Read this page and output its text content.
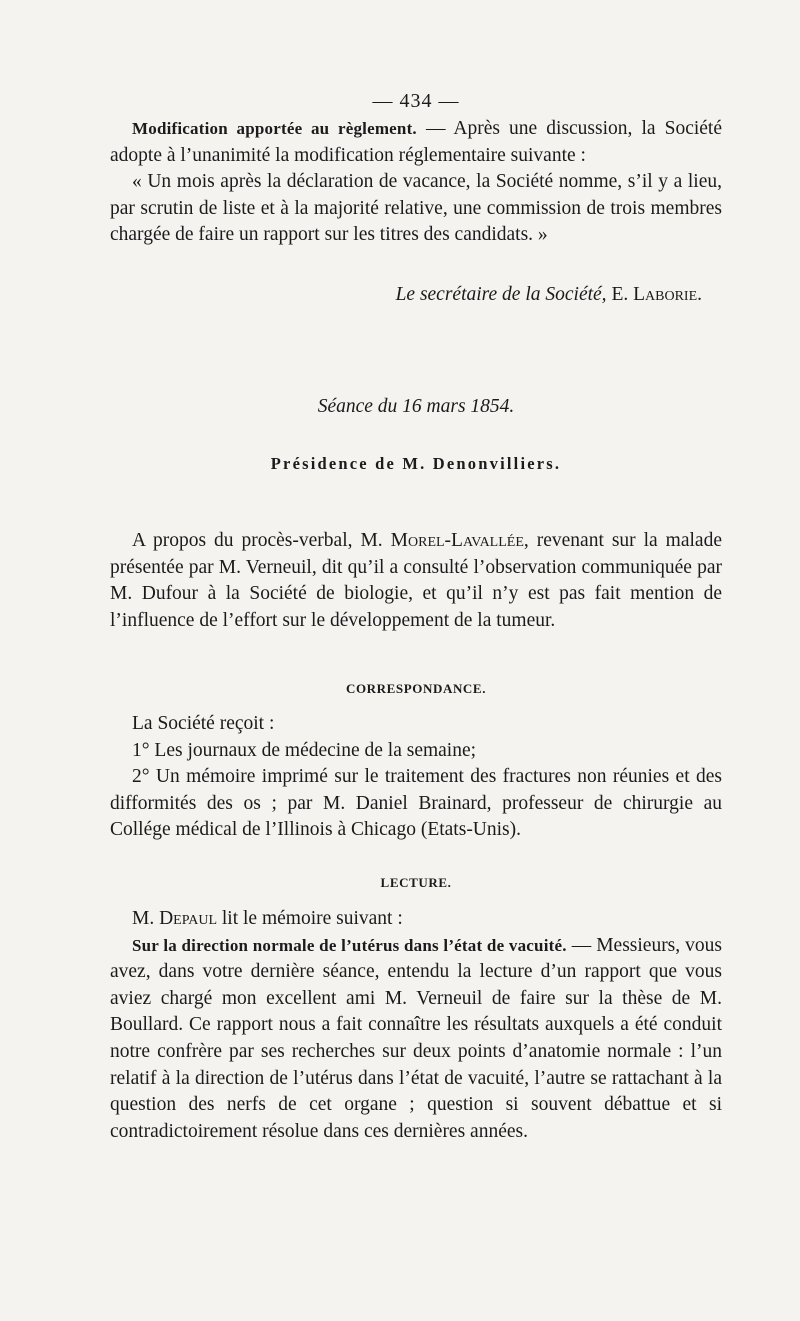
— 434 —

Modification apportée au règlement. — Après une discussion, la Société adopte à l’unanimité la modification réglementaire suivante :

« Un mois après la déclaration de vacance, la Société nomme, s’il y a lieu, par scrutin de liste et à la majorité relative, une commission de trois membres chargée de faire un rapport sur les titres des candidats. »

Le secrétaire de la Société, E. Laborie.
Séance du 16 mars 1854.
Présidence de M. Denonvilliers.

A propos du procès-verbal, M. Morel-Lavallée, revenant sur la malade présentée par M. Verneuil, dit qu’il a consulté l’observation communiquée par M. Dufour à la Société de biologie, et qu’il n’y est pas fait mention de l’influence de l’effort sur le développement de la tumeur.

CORRESPONDANCE.

La Société reçoit :

1° Les journaux de médecine de la semaine;

2° Un mémoire imprimé sur le traitement des fractures non réunies et des difformités des os ; par M. Daniel Brainard, professeur de chirurgie au Collége médical de l’Illinois à Chicago (Etats-Unis).

LECTURE.

M. Depaul lit le mémoire suivant :

Sur la direction normale de l’utérus dans l’état de vacuité. — Messieurs, vous avez, dans votre dernière séance, entendu la lecture d’un rapport que vous aviez chargé mon excellent ami M. Verneuil de faire sur la thèse de M. Boullard. Ce rapport nous a fait connaître les résultats auxquels a été conduit notre confrère par ses recherches sur deux points d’anatomie normale : l’un relatif à la direction de l’utérus dans l’état de vacuité, l’autre se rattachant à la question des nerfs de cet organe ; question si souvent débattue et si contradictoirement résolue dans ces dernières années.
